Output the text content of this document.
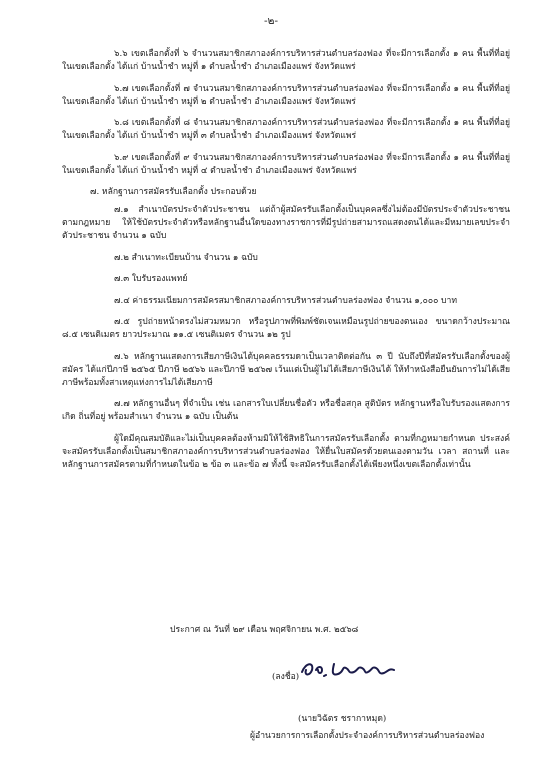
-๒-

๖.๖ เขตเลือกตั้งที่ ๖ จำนวนสมาชิกสภาองค์การบริหารส่วนตำบลร่องฟอง ที่จะมีการเลือกตั้ง ๑ คน พื้นที่ที่อยู่ในเขตเลือกตั้ง ได้แก่ บ้านน้ำชำ หมู่ที่ ๑ ตำบลน้ำชำ อำเภอเมืองแพร่ จังหวัดแพร่

๖.๗ เขตเลือกตั้งที่ ๗ จำนวนสมาชิกสภาองค์การบริหารส่วนตำบลร่องฟอง ที่จะมีการเลือกตั้ง ๑ คน พื้นที่ที่อยู่ในเขตเลือกตั้ง ได้แก่ บ้านน้ำชำ หมู่ที่ ๒ ตำบลน้ำชำ อำเภอเมืองแพร่ จังหวัดแพร่

๖.๘ เขตเลือกตั้งที่ ๘ จำนวนสมาชิกสภาองค์การบริหารส่วนตำบลร่องฟอง ที่จะมีการเลือกตั้ง ๑ คน พื้นที่ที่อยู่ในเขตเลือกตั้ง ได้แก่ บ้านน้ำชำ หมู่ที่ ๓ ตำบลน้ำชำ อำเภอเมืองแพร่ จังหวัดแพร่

๖.๙ เขตเลือกตั้งที่ ๙ จำนวนสมาชิกสภาองค์การบริหารส่วนตำบลร่องฟอง ที่จะมีการเลือกตั้ง ๑ คน พื้นที่ที่อยู่ในเขตเลือกตั้ง ได้แก่ บ้านน้ำชำ หมู่ที่ ๔ ตำบลน้ำชำ อำเภอเมืองแพร่ จังหวัดแพร่

๗. หลักฐานการสมัครรับเลือกตั้ง ประกอบด้วย

๗.๑ สำเนาบัตรประจำตัวประชาชน แต่ถ้าผู้สมัครรับเลือกตั้งเป็นบุคคลซึ่งไม่ต้องมีบัตรประจำตัวประชาชนตามกฎหมาย ให้ใช้บัตรประจำตัวหรือหลักฐานอื่นใดของทางราชการที่มีรูปถ่ายสามารถแสดงตนได้และมีหมายเลขประจำตัวประชาชน จำนวน ๑ ฉบับ

๗.๒ สำเนาทะเบียนบ้าน จำนวน ๑ ฉบับ

๗.๓ ใบรับรองแพทย์

๗.๔ ค่าธรรมเนียมการสมัครสมาชิกสภาองค์การบริหารส่วนตำบลร่องฟอง จำนวน ๑,๐๐๐ บาท

๗.๕ รูปถ่ายหน้าตรงไม่สวมหมวก หรือรูปภาพที่พิมพ์ชัดเจนเหมือนรูปถ่ายของตนเอง ขนาดกว้างประมาณ ๘.๕ เซนติเมตร ยาวประมาณ ๑๑.๕ เซนติเมตร จำนวน ๑๒ รูป

๗.๖ หลักฐานแสดงการเสียภาษีเงินได้บุคคลธรรมดาเป็นเวลาติดต่อกัน ๓ ปี นับถึงปีที่สมัครรับเลือกตั้งของผู้สมัคร ได้แก่ปีภาษี ๒๕๖๕ ปีภาษี ๒๕๖๖ และปีภาษี ๒๕๖๗ เว้นแต่เป็นผู้ไม่ได้เสียภาษีเงินได้ ให้ทำหนังสือยืนยันการไม่ได้เสียภาษีพร้อมทั้งสาเหตุแห่งการไม่ได้เสียภาษี

๗.๗ หลักฐานอื่นๆ ที่จำเป็น เช่น เอกสารใบเปลี่ยนชื่อตัว หรือชื่อสกุล สูติบัตร หลักฐานหรือใบรับรองแสดงการเกิด ถิ่นที่อยู่ พร้อมสำเนา จำนวน ๑ ฉบับ เป็นต้น

ผู้ใดมีคุณสมบัติและไม่เป็นบุคคลต้องห้ามมิให้ใช้สิทธิในการสมัครรับเลือกตั้ง ตามที่กฎหมายกำหนด ประสงค์จะสมัครรับเลือกตั้งเป็นสมาชิกสภาองค์การบริหารส่วนตำบลร่องฟอง ให้ยื่นใบสมัครด้วยตนเองตามวัน เวลา สถานที่ และหลักฐานการสมัครตามที่กำหนดในข้อ ๒ ข้อ ๓ และข้อ ๗ ทั้งนี้ จะสมัครรับเลือกตั้งได้เพียงหนึ่งเขตเลือกตั้งเท่านั้น

ประกาศ ณ วันที่ ๒๙ เดือน พฤศจิกายน พ.ศ. ๒๕๖๘
(ลงชื่อ)
(นายวิฉัตร ชรากาหมุด)
ผู้อำนวยการการเลือกตั้งประจำองค์การบริหารส่วนตำบลร่องฟอง
